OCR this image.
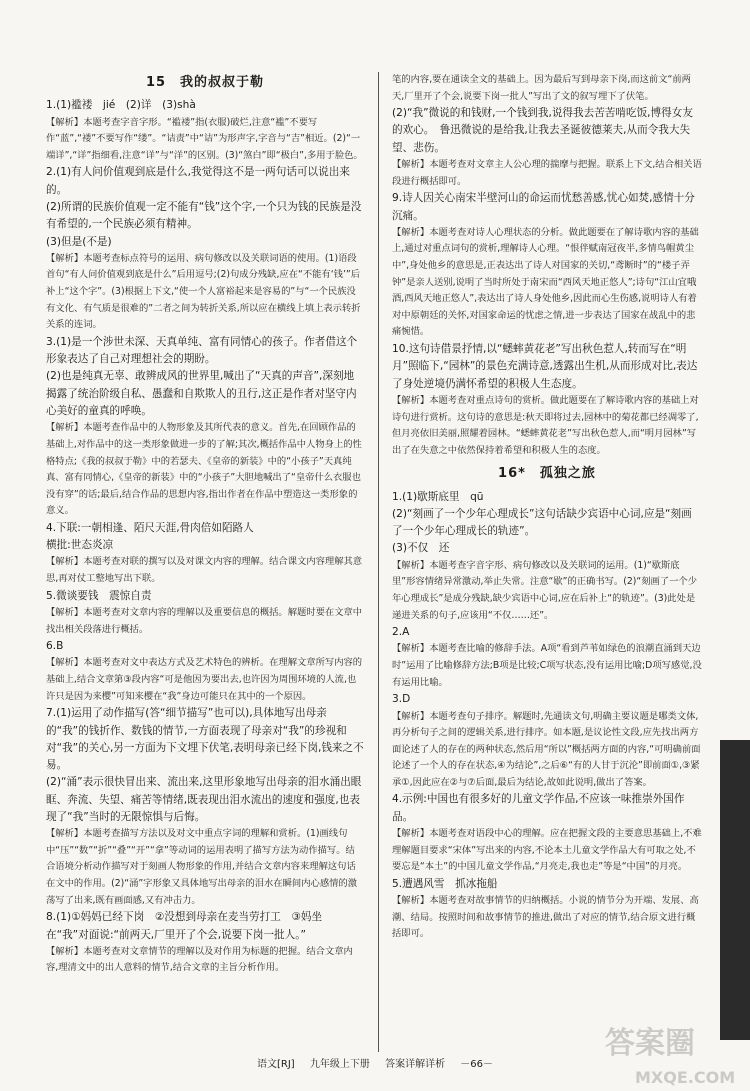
15　我的叔叔于勒

1.(1)褴褛　jié　(2)详　(3)shà

【解析】本题考查字音字形。“褴褛”指(衣服)破烂,注意“褴”不要写作“蓝”,“褛”不要写作“缕”。“诘责”中“诘”为形声字,字音与“吉”相近。(2)“一端详”,“详”指细看,注意“详”与“洋”的区别。(3)“煞白”即“极白”,多用于脸色。

2.(1)有人问价值观到底是什么,我觉得这不是一两句话可以说出来的。

(2)所谓的民族价值观一定不能有“钱”这个字,一个只为钱的民族是没有希望的,一个民族必须有精神。

(3)但是(不是)

【解析】本题考查标点符号的运用、病句修改以及关联词语的使用。(1)语段首句“有人问价值观到底是什么”后用逗号;(2)句成分残缺,应在“不能有‘钱’”后补上“这个字”。(3)根据上下文,“使一个人富裕起来是容易的”与“一个民族没有文化、有气质是很难的”二者之间为转折关系,所以应在横线上填上表示转折关系的连词。

3.(1)是一个涉世未深、天真单纯、富有同情心的孩子。作者借这个形象表达了自己对理想社会的期盼。

(2)也是纯真无辜、敢辨成风的世界里,喊出了“天真的声音”,深刻地揭露了统治阶级自私、愚蠢和自欺欺人的丑行,这正是作者对坚守内心美好的童真的呼唤。

【解析】本题考查作品中的人物形象及其所代表的意义。首先,在回顾作品的基础上,对作品中的这一类形象做进一步的了解;其次,概括作品中人物身上的性格特点;《我的叔叔于勒》中的若瑟夫、《皇帝的新装》中的“小孩子”天真纯真、富有同情心,《皇帝的新装》中的“小孩子”大胆地喊出了“皇帝什么衣服也没有穿”的话;最后,结合作品的思想内容,指出作者在作品中塑造这一类形象的意义。

4.下联:一朝相逢、陌尺天涯,骨肉倍如陌路人

横批:世态炎凉

【解析】本题考查对联的撰写以及对课文内容的理解。结合课文内容理解其意思,再对仗工整地写出下联。

5.微谈要钱　震惊自责

【解析】本题考查对文章内容的理解以及重要信息的概括。解题时要在文章中找出相关段落进行概括。

6.B

【解析】本题考查对文中表达方式及艺术特色的辨析。在理解文章所写内容的基础上,结合文章第③段内容“可是他因为要出去,也许因为周围环境的人流,也许只是因为来樱”可知来樱在“我”身边可能只在其中的一个原因。

7.(1)运用了动作描写(答“细节描写”也可以),具体地写出母亲的“我”的钱折作、数钱的情节,一方面表现了母亲对“我”的珍视和对“我”的关心,另一方面为下文埋下伏笔,表明母亲已经下岗,钱来之不易。

(2)“涌”表示很快冒出来、流出来,这里形象地写出母亲的泪水涌出眼眶、奔流、失望、痛苦等情绪,既表现出泪水流出的速度和强度,也表现了“我”当时的无限惊惧与后悔。

【解析】本题考查描写方法以及对文中重点字词的理解和赏析。(1)画线句中“压”“数”“折”“叠”“开”“拿”等动词的运用表明了描写方法为动作描写。结合语境分析动作描写对于刻画人物形象的作用,并结合文章内容来理解这句话在文中的作用。(2)“涌”字形象又具体地写出母亲的泪水在瞬间内心感情的激荡写了出来,既有画面感,又有冲击力。

8.(1)①妈妈已经下岗　②没想到母亲在麦当劳打工　③妈坐在“我”对面说:“前两天,厂里开了个会,说要下岗一批人。”

【解析】本题考查对文章情节的理解以及对作用为标题的把握。结合文章内容,理清文中的出人意料的情节,结合文章的主旨分析作用。

笔的内容,要在通读全文的基础上。因为最后写到母亲下岗,而这前文“前两天,厂里开了个会,说要下岗一批人”写出了文的叙写埋下了伏笔。

(2)“我”微说的和钱财,一个钱到我,说得我去苦苦啃吃饭,博得女友的欢心。　鲁迅微说的是给我,让我去圣诞彼德莱夫,从而令我大失望、悲伤。

【解析】本题考查对文章主人公心理的揣摩与把握。联系上下文,结合相关语段进行概括即可。

9.诗人因关心南宋半壁河山的命运而忧愁善感,忧心如焚,感情十分沉痛。

【解析】本题考查对诗人心理状态的分析。做此题要在了解诗歌内容的基础上,通过对重点词句的赏析,理解诗人心理。“恨伴赋南冠夜半,多情鸟帽黄尘中”,身处他乡的意思是,正表达出了诗人对国家的关切,“鸢断时”的“楼子弄钟”是亲人送别,说明了当时所处于南宋而“西风天地正悠人”;诗句“江山宜哦酒,西风天地正悠人”,表达出了诗人身处他乡,因此而心生伤感,说明诗人有着对中原朝廷的关怀,对国家命运的忧虑之情,进一步表达了国家在战乱中的悲痛惋惜。

10.这句诗借景抒情,以“蟋蟀黄花老”写出秋色惹人,转而写在“明月”照临下,“园林”的景色充满诗意,透露出生机,从而形成对比,表达了身处逆境仍满怀希望的积极人生态度。

【解析】本题考查对重点诗句的赏析。做此题要在了解诗歌内容的基础上对诗句进行赏析。这句诗的意思是:秋天即将过去,园林中的菊花都已经凋零了,但月亮依旧美丽,照耀着园林。“蟋蟀黄花老”写出秋色惹人,而“明月园林”写出了在失意之中依然保持着希望和积极人生的态度。

16*　孤独之旅

1.(1)歇斯底里　qū

(2)“刻画了一个少年心理成长”这句话缺少宾语中心词,应是“刻画了一个少年心理成长的轨迹”。

(3)不仅　还

【解析】本题考查字音字形、病句修改以及关联词的运用。(1)“歇斯底里”形容情绪异常激动,举止失常。注意“歇”的正确书写。(2)“刻画了一个少年心理成长”是成分残缺,缺少宾语中心词,应在后补上“的轨迹”。(3)此处是递进关系的句子,应该用“不仅……还”。

2.A

【解析】本题考查比喻的修辞手法。A项“看到芦苇如绿色的浪潮直涌到天边时”运用了比喻修辞方法;B项是比较;C项写状态,没有运用比喻;D项写感觉,没有运用比喻。

3.D

【解析】本题考查句子排序。解题时,先通读文句,明确主要议题是哪类文体,再分析句子之间的逻辑关系,进行排序。如本题,是议论性文段,应先找出两方面论述了人的存在的两种状态,然后用“所以”概括两方面的内容,“可明确前面论述了一个人的存在状态,④为结论”,之后⑥“有的人甘于沉沦”即前面①,③紧承①,因此应在②与⑦后面,最后为结论,故如此说明,做出了答案。

4.示例:中国也有很多好的儿童文学作品,不应该一味推崇外国作品。

【解析】本题考查对语段中心的理解。应在把握文段的主要意思基础上,不难理解题目要求“宋体”写出来的内容,不论本土儿童文学作品大有可取之处,不要忘是“本土”的中国儿童文学作品,“月亮走,我也走”等是“中国”的月亮。

5.遭遇风雪　抓冰拖船

【解析】本题考查对故事情节的归纳概括。小说的情节分为开端、发展、高潮、结局。按照时间和故事情节的推进,做出了对应的情节,结合原文进行概括即可。

语文[RJ] 九年级上下册 答案详解详析 －66－
答案圈
MXQE.COM
